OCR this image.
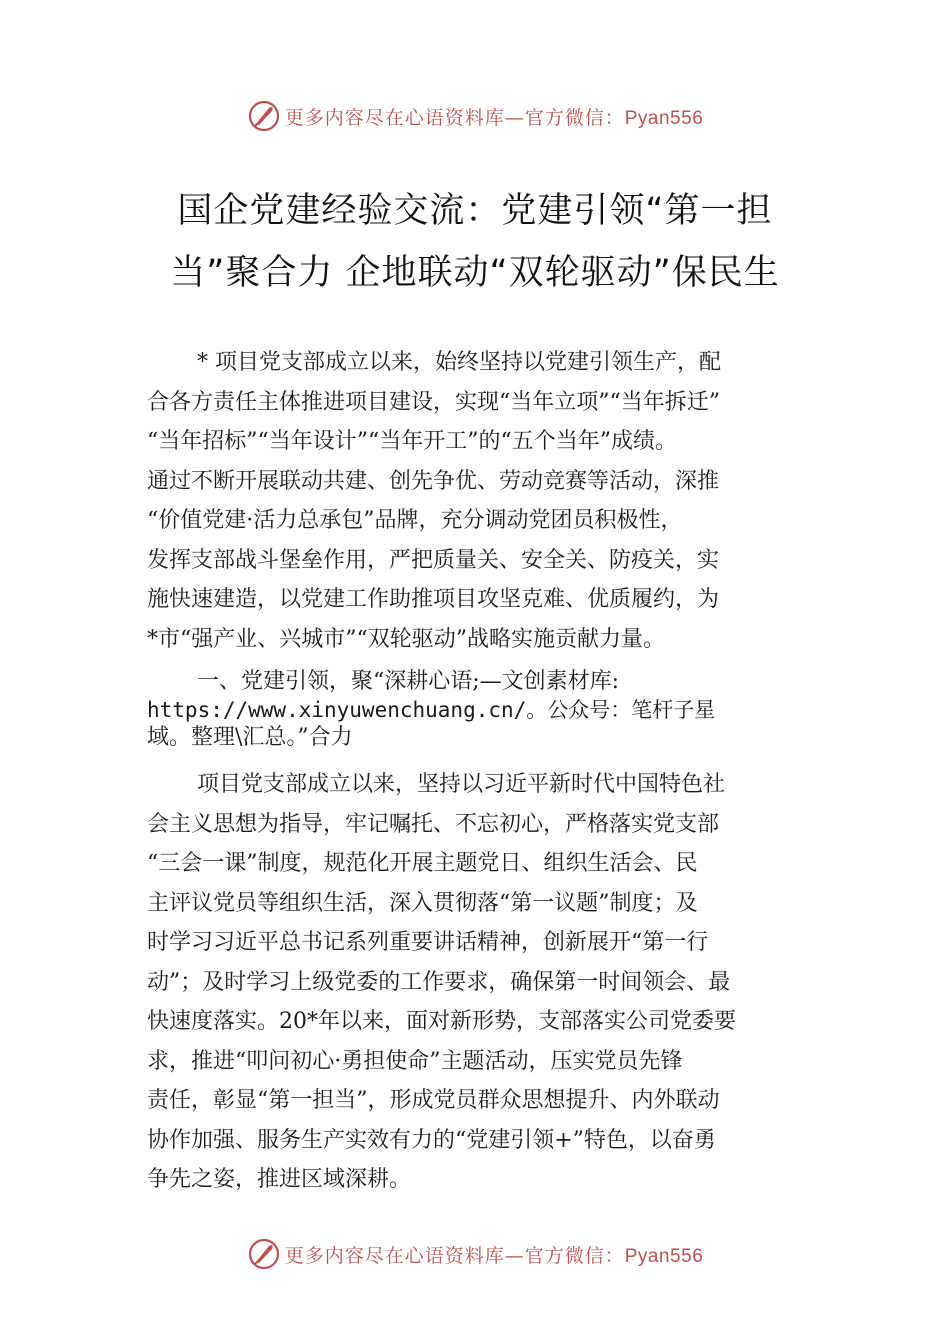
更多内容尽在心语资料库—官方微信：Pyan556
国企党建经验交流：党建引领“第一担
当”聚合力 企地联动“双轮驱动”保民生
* 项目党支部成立以来，始终坚持以党建引领生产，配
合各方责任主体推进项目建设，实现“当年立项”“当年拆迁”
“当年招标”“当年设计”“当年开工”的“五个当年”成绩。
通过不断开展联动共建、创先争优、劳动竞赛等活动，深推
“价值党建·活力总承包”品牌，充分调动党团员积极性，
发挥支部战斗堡垒作用，严把质量关、安全关、防疫关，实
施快速建造，以党建工作助推项目攻坚克难、优质履约，为
*市“强产业、兴城市”“双轮驱动”战略实施贡献力量。
一、党建引领，聚“深耕心语;—文创素材库:
https://www.xinyuwenchuang.cn/。公众号：笔杆子星
域。整理\汇总。”合力
项目党支部成立以来，坚持以习近平新时代中国特色社
会主义思想为指导，牢记嘱托、不忘初心，严格落实党支部
“三会一课”制度，规范化开展主题党日、组织生活会、民
主评议党员等组织生活，深入贯彻落“第一议题”制度；及
时学习习近平总书记系列重要讲话精神，创新展开“第一行
动”；及时学习上级党委的工作要求，确保第一时间领会、最
快速度落实。20*年以来，面对新形势，支部落实公司党委要
求，推进“叩问初心·勇担使命”主题活动，压实党员先锋
责任，彰显“第一担当”，形成党员群众思想提升、内外联动
协作加强、服务生产实效有力的“党建引领+”特色，以奋勇
争先之姿，推进区域深耕。
更多内容尽在心语资料库—官方微信：Pyan556
